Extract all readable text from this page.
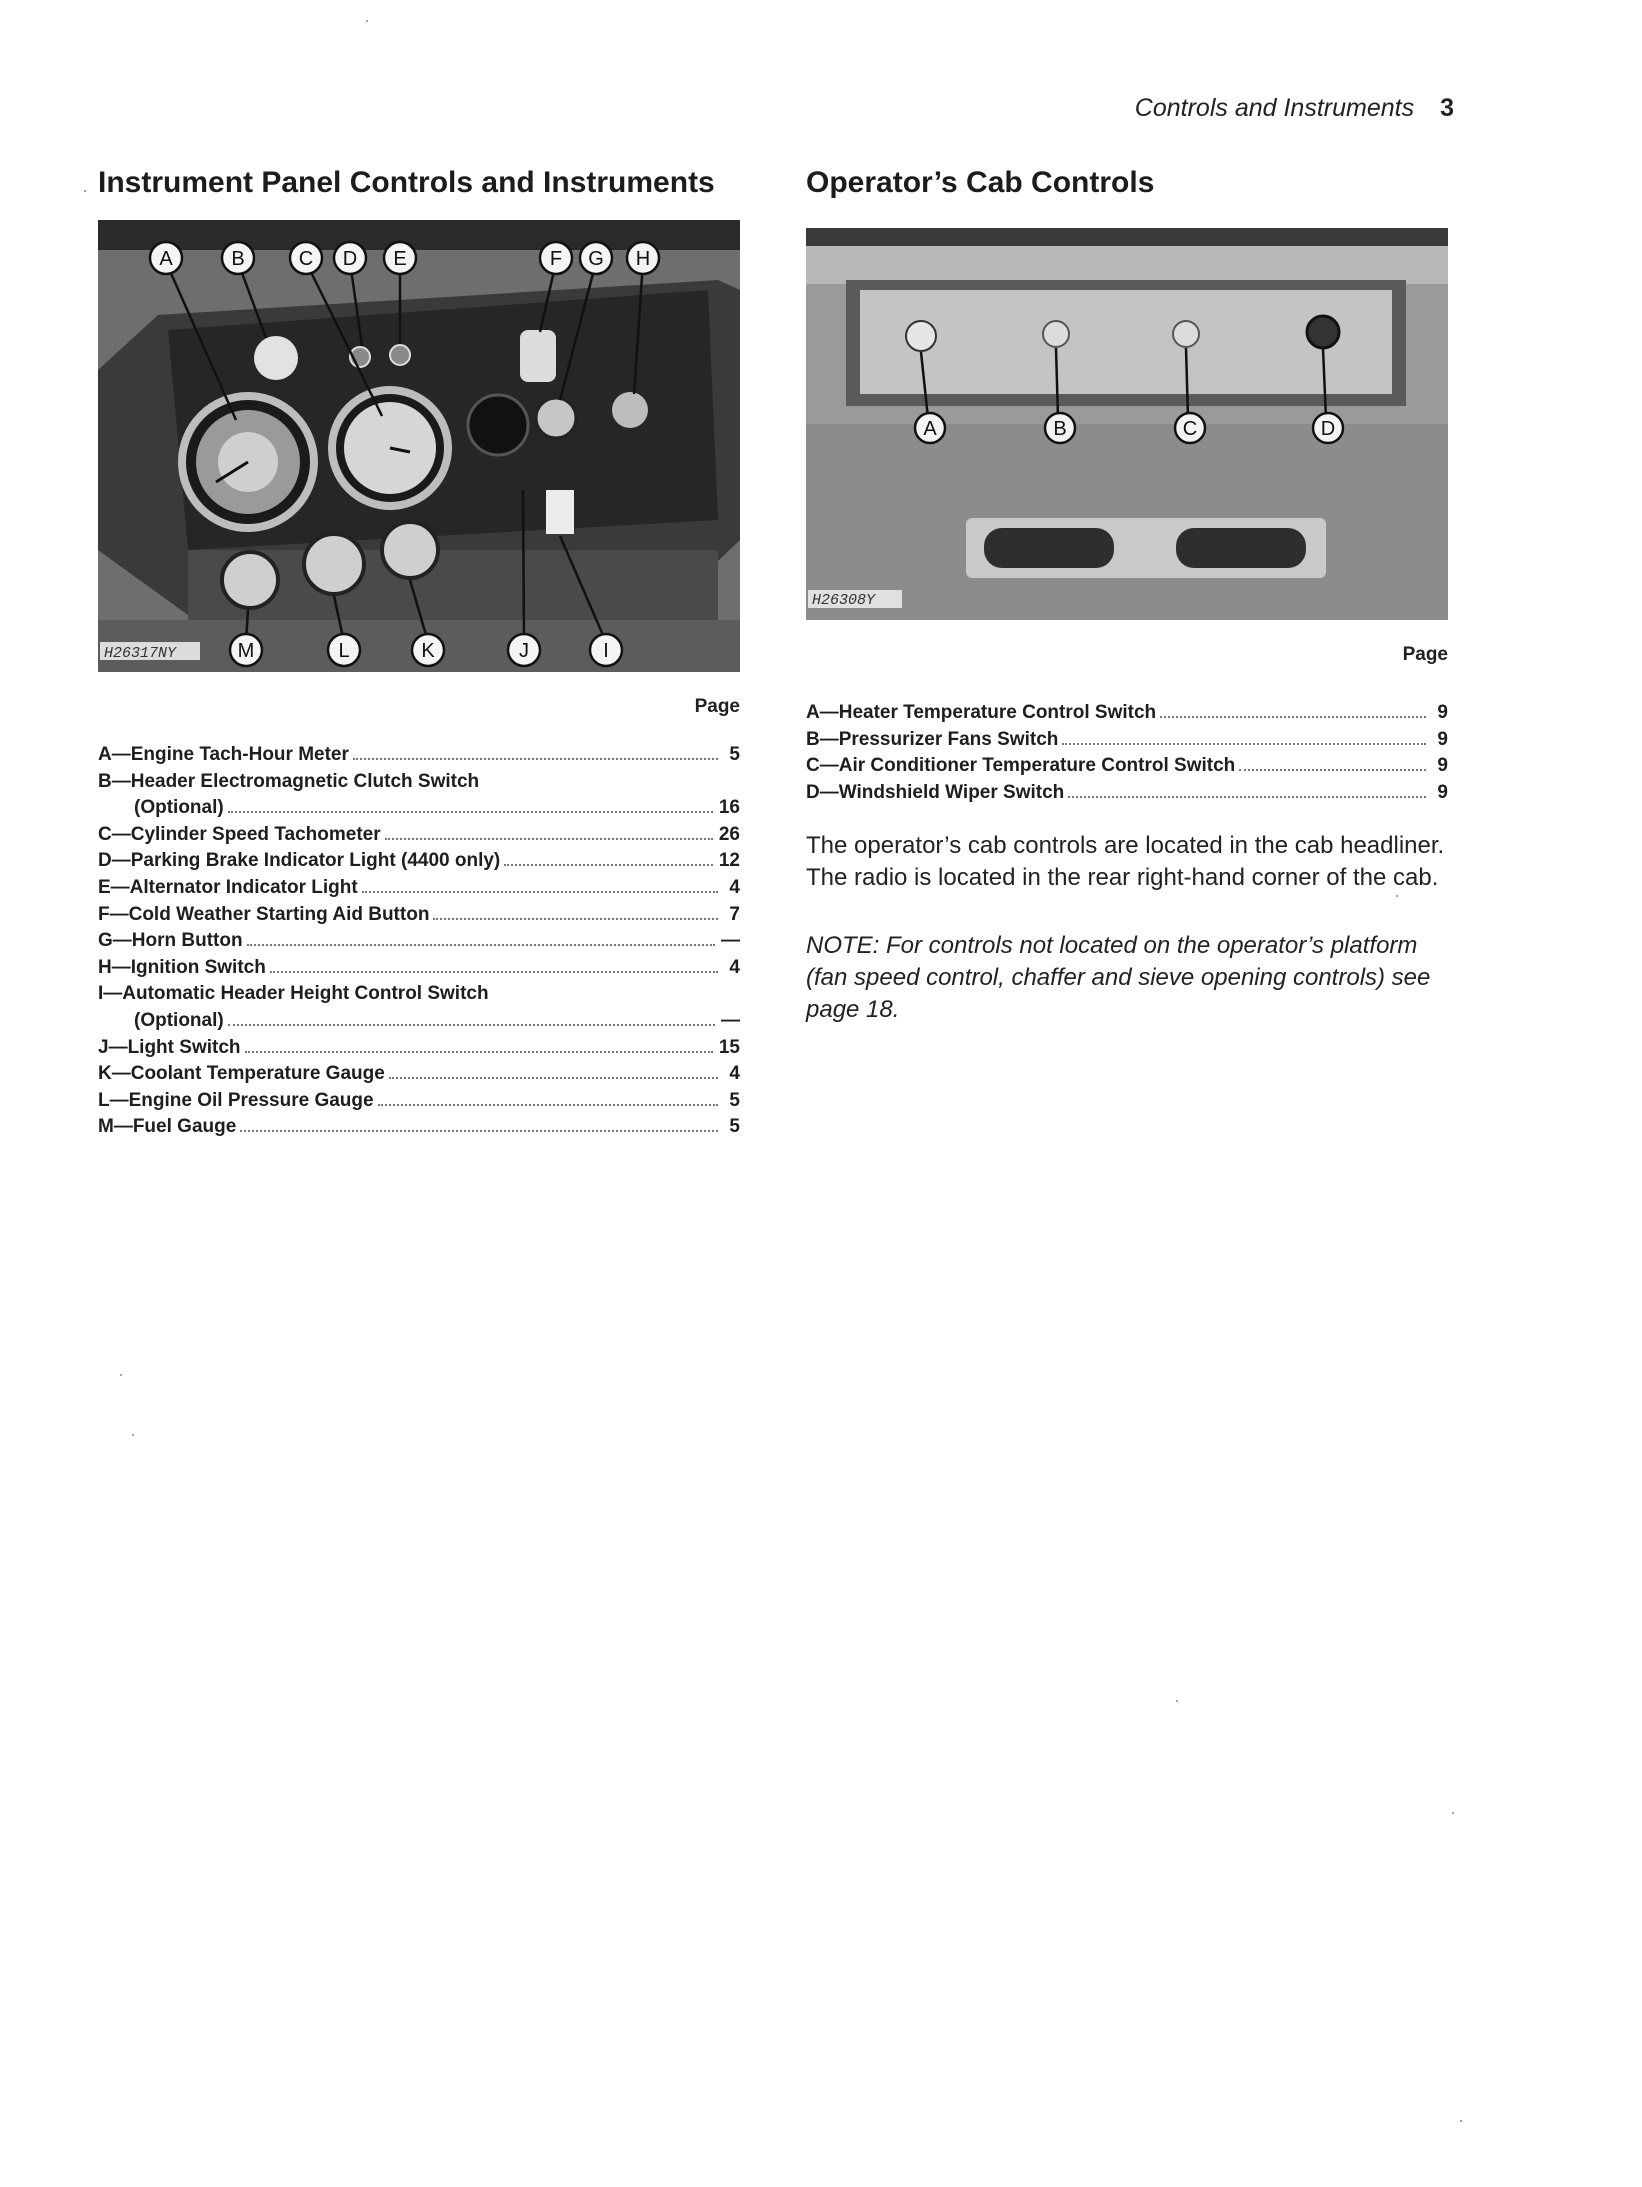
Controls and Instruments 3
Instrument Panel Controls and Instruments
A	B	C D E	F G H
M	L	K	J	I
H26317NY
Page
A—Engine Tach-Hour Meter	5
B—Header Electromagnetic Clutch Switch
(Optional)	16
C—Cylinder Speed Tachometer	26
D—Parking Brake Indicator Light (4400 only)	12
E—Alternator Indicator Light	4
F—Cold Weather Starting Aid Button	7
G—Horn Button	—
H—Ignition Switch	4
I—Automatic Header Height Control Switch
(Optional)	—
J—Light Switch	15
K—Coolant Temperature Gauge	4
L—Engine Oil Pressure Gauge	5
M—Fuel Gauge	5
Operator’s Cab Controls
A	B	C	D
H26308Y
Page
A—Heater Temperature Control Switch	9
B—Pressurizer Fans Switch	9
C—Air Conditioner Temperature Control Switch	9
D—Windshield Wiper Switch	9

The operator’s cab controls are located in the cab headliner. The radio is located in the rear right-hand corner of the cab.

NOTE: For controls not located on the operator’s platform (fan speed control, chaffer and sieve opening controls) see page 18.
